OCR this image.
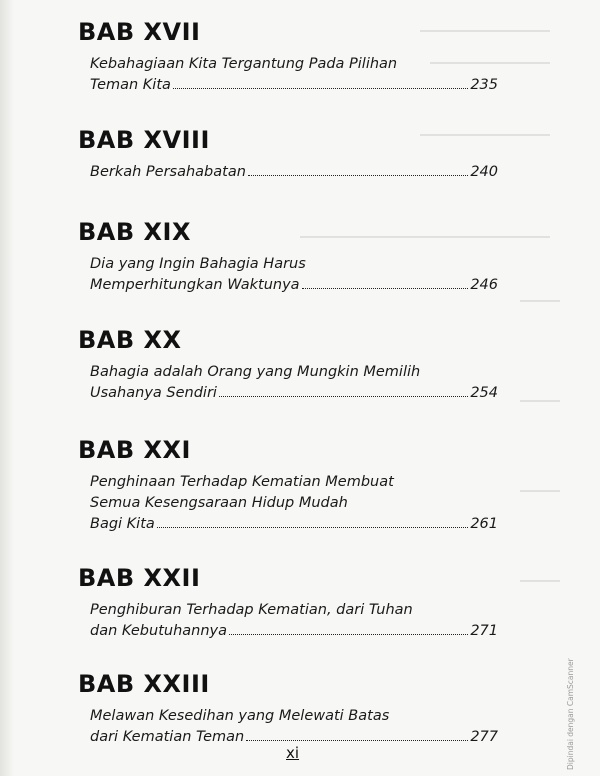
BAB XVII
Kebahagiaan Kita Tergantung Pada Pilihan
Teman Kita	235
BAB XVIII
Berkah Persahabatan	240
BAB XIX
Dia yang Ingin Bahagia Harus
Memperhitungkan Waktunya	246
BAB XX
Bahagia adalah Orang yang Mungkin Memilih
Usahanya Sendiri	254
BAB XXI
Penghinaan Terhadap Kematian Membuat
Semua Kesengsaraan Hidup Mudah
Bagi Kita	261
BAB XXII
Penghiburan Terhadap Kematian, dari Tuhan
dan Kebutuhannya	271
BAB XXIII
Melawan Kesedihan yang Melewati Batas
dari Kematian Teman	277
xi	Dipindai dengan CamScanner
